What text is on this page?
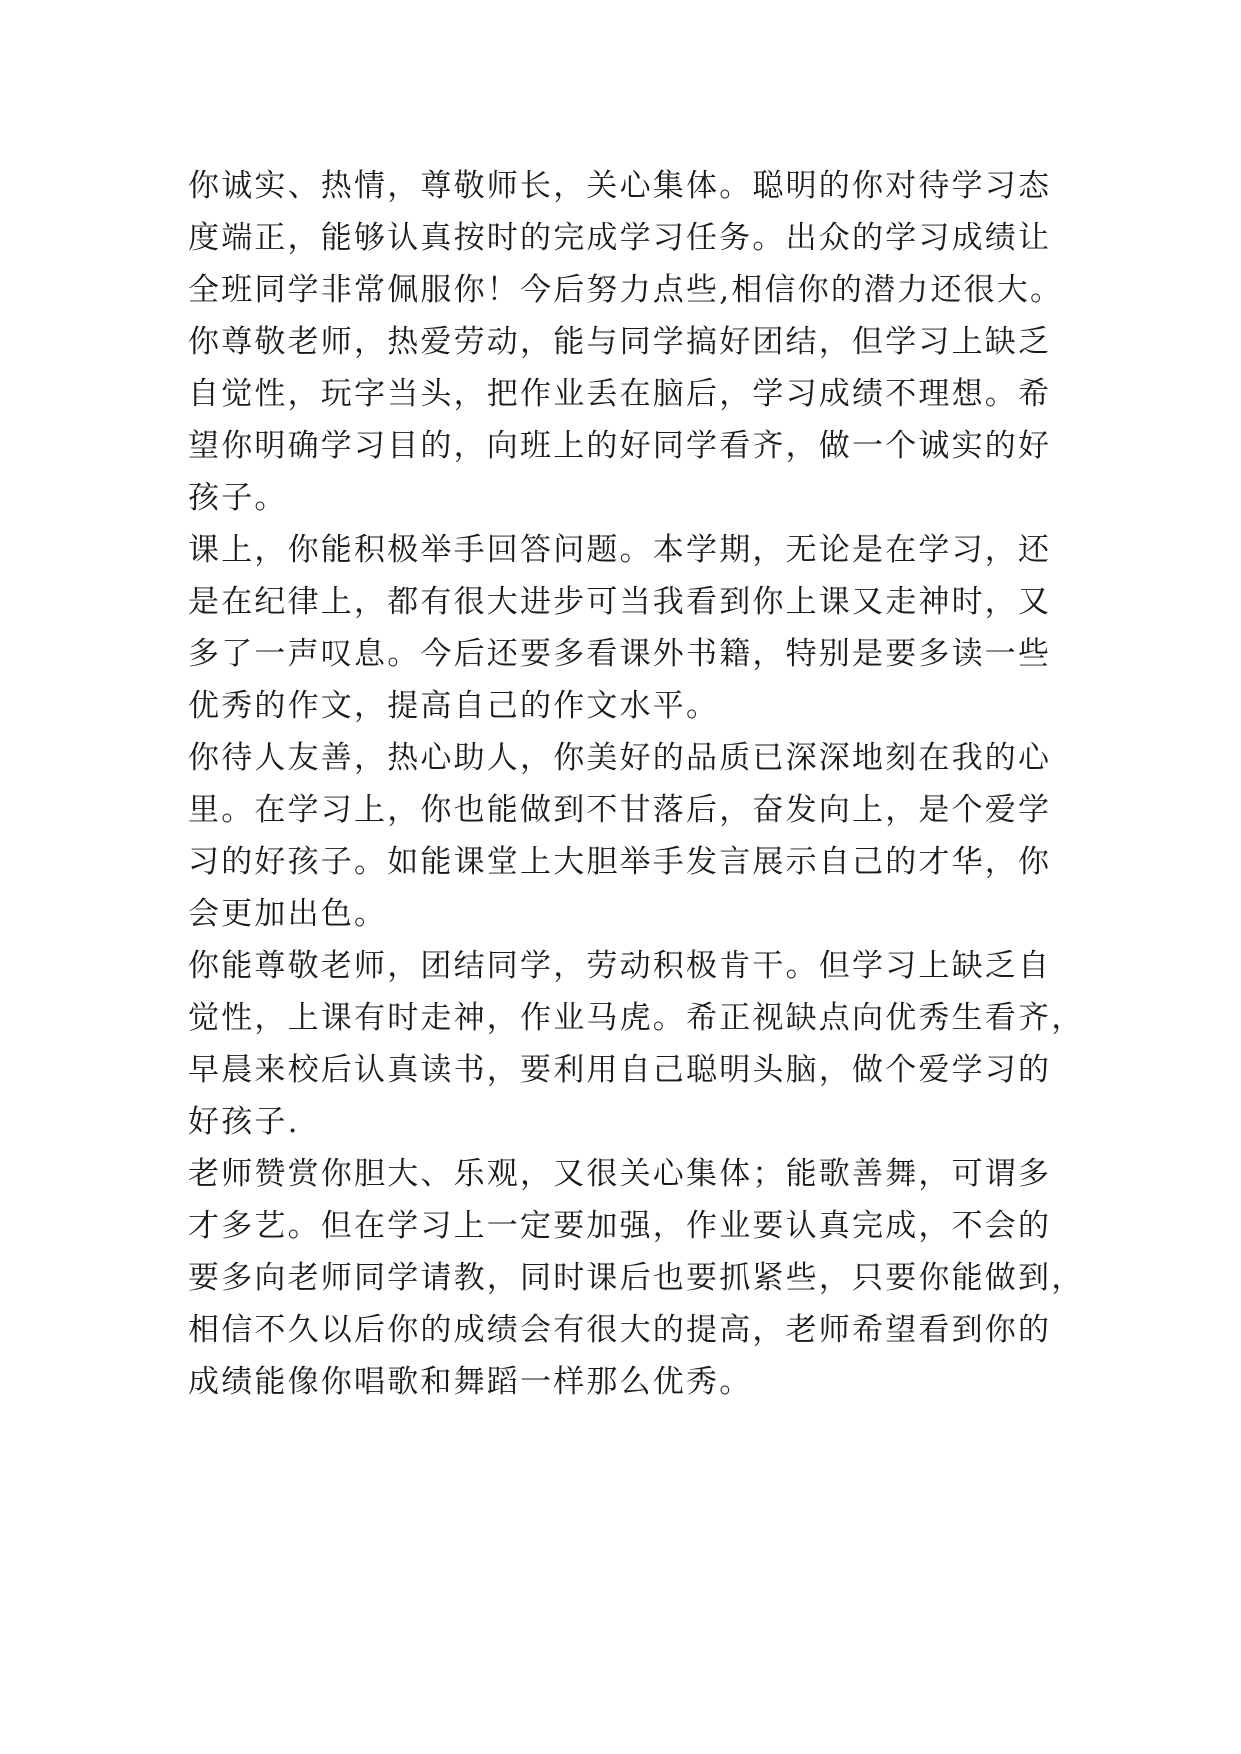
你诚实、热情，尊敬师长，关心集体。聪明的你对待学习态
度端正，能够认真按时的完成学习任务。出众的学习成绩让
全班同学非常佩服你！今后努力点些,相信你的潜力还很大。
你尊敬老师，热爱劳动，能与同学搞好团结，但学习上缺乏
自觉性，玩字当头，把作业丢在脑后，学习成绩不理想。希
望你明确学习目的，向班上的好同学看齐，做一个诚实的好
孩子。
课上，你能积极举手回答问题。本学期，无论是在学习，还
是在纪律上，都有很大进步可当我看到你上课又走神时，又
多了一声叹息。今后还要多看课外书籍，特别是要多读一些
优秀的作文，提高自己的作文水平。
你待人友善，热心助人，你美好的品质已深深地刻在我的心
里。在学习上，你也能做到不甘落后，奋发向上，是个爱学
习的好孩子。如能课堂上大胆举手发言展示自己的才华，你
会更加出色。
你能尊敬老师，团结同学，劳动积极肯干。但学习上缺乏自
觉性，上课有时走神，作业马虎。希正视缺点向优秀生看齐，
早晨来校后认真读书，要利用自己聪明头脑，做个爱学习的
好孩子.
老师赞赏你胆大、乐观，又很关心集体；能歌善舞，可谓多
才多艺。但在学习上一定要加强，作业要认真完成，不会的
要多向老师同学请教，同时课后也要抓紧些，只要你能做到，
相信不久以后你的成绩会有很大的提高，老师希望看到你的
成绩能像你唱歌和舞蹈一样那么优秀。
